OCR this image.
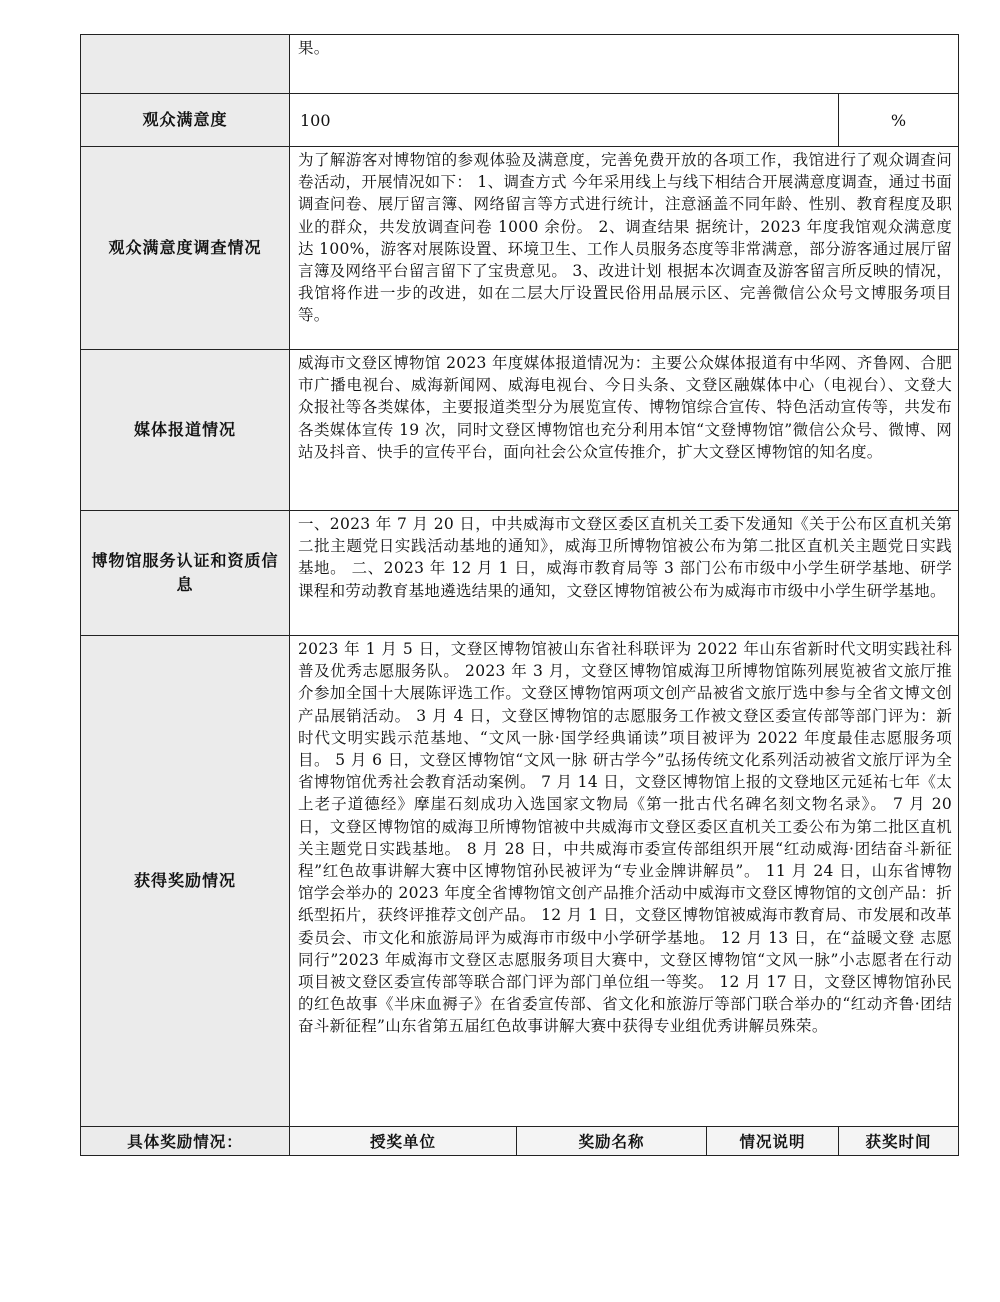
	果。			
观众满意度	100			%
观众满意度调查情况	为了解游客对博物馆的参观体验及满意度，完善免费开放的各项工作，我馆进行了观众调查问卷活动，开展情况如下： 1、调查方式 今年采用线上与线下相结合开展满意度调查，通过书面调查问卷、展厅留言簿、网络留言等方式进行统计，注意涵盖不同年龄、性别、教育程度及职业的群众，共发放调查问卷 1000 余份。 2、调查结果 据统计，2023 年度我馆观众满意度达 100%，游客对展陈设置、环境卫生、工作人员服务态度等非常满意，部分游客通过展厅留言簿及网络平台留言留下了宝贵意见。 3、改进计划 根据本次调查及游客留言所反映的情况，我馆将作进一步的改进，如在二层大厅设置民俗用品展示区、完善微信公众号文博服务项目等。			
媒体报道情况	威海市文登区博物馆 2023 年度媒体报道情况为：主要公众媒体报道有中华网、齐鲁网、合肥市广播电视台、威海新闻网、威海电视台、今日头条、文登区融媒体中心（电视台）、文登大众报社等各类媒体，主要报道类型分为展览宣传、博物馆综合宣传、特色活动宣传等，共发布各类媒体宣传 19 次，同时文登区博物馆也充分利用本馆“文登博物馆”微信公众号、微博、网站及抖音、快手的宣传平台，面向社会公众宣传推介，扩大文登区博物馆的知名度。			
博物馆服务认证和资质信息	一、2023 年 7 月 20 日，中共威海市文登区委区直机关工委下发通知《关于公布区直机关第二批主题党日实践活动基地的通知》，威海卫所博物馆被公布为第二批区直机关主题党日实践基地。 二、2023 年 12 月 1 日，威海市教育局等 3 部门公布市级中小学生研学基地、研学课程和劳动教育基地遴选结果的通知，文登区博物馆被公布为威海市市级中小学生研学基地。			
获得奖励情况	2023 年 1 月 5 日，文登区博物馆被山东省社科联评为 2022 年山东省新时代文明实践社科普及优秀志愿服务队。 2023 年 3 月，文登区博物馆威海卫所博物馆陈列展览被省文旅厅推介参加全国十大展陈评选工作。文登区博物馆两项文创产品被省文旅厅选中参与全省文博文创产品展销活动。 3 月 4 日，文登区博物馆的志愿服务工作被文登区委宣传部等部门评为：新时代文明实践示范基地、“文风一脉·国学经典诵读”项目被评为 2022 年度最佳志愿服务项目。 5 月 6 日，文登区博物馆“文风一脉 研古学今”弘扬传统文化系列活动被省文旅厅评为全省博物馆优秀社会教育活动案例。 7 月 14 日，文登区博物馆上报的文登地区元延祐七年《太上老子道德经》摩崖石刻成功入选国家文物局《第一批古代名碑名刻文物名录》。 7 月 20 日，文登区博物馆的威海卫所博物馆被中共威海市文登区委区直机关工委公布为第二批区直机关主题党日实践基地。 8 月 28 日，中共威海市委宣传部组织开展“红动威海·团结奋斗新征程”红色故事讲解大赛中区博物馆孙民被评为“专业金牌讲解员”。 11 月 24 日，山东省博物馆学会举办的 2023 年度全省博物馆文创产品推介活动中威海市文登区博物馆的文创产品：折纸型拓片，获终评推荐文创产品。 12 月 1 日，文登区博物馆被威海市教育局、市发展和改革委员会、市文化和旅游局评为威海市市级中小学研学基地。 12 月 13 日，在“益暖文登 志愿同行”2023 年威海市文登区志愿服务项目大赛中，文登区博物馆“文风一脉”小志愿者在行动项目被文登区委宣传部等联合部门评为部门单位组一等奖。 12 月 17 日，文登区博物馆孙民的红色故事《半床血褥子》在省委宣传部、省文化和旅游厅等部门联合举办的“红动齐鲁·团结奋斗新征程”山东省第五届红色故事讲解大赛中获得专业组优秀讲解员殊荣。			
具体奖励情况：	授奖单位	奖励名称	情况说明	获奖时间
